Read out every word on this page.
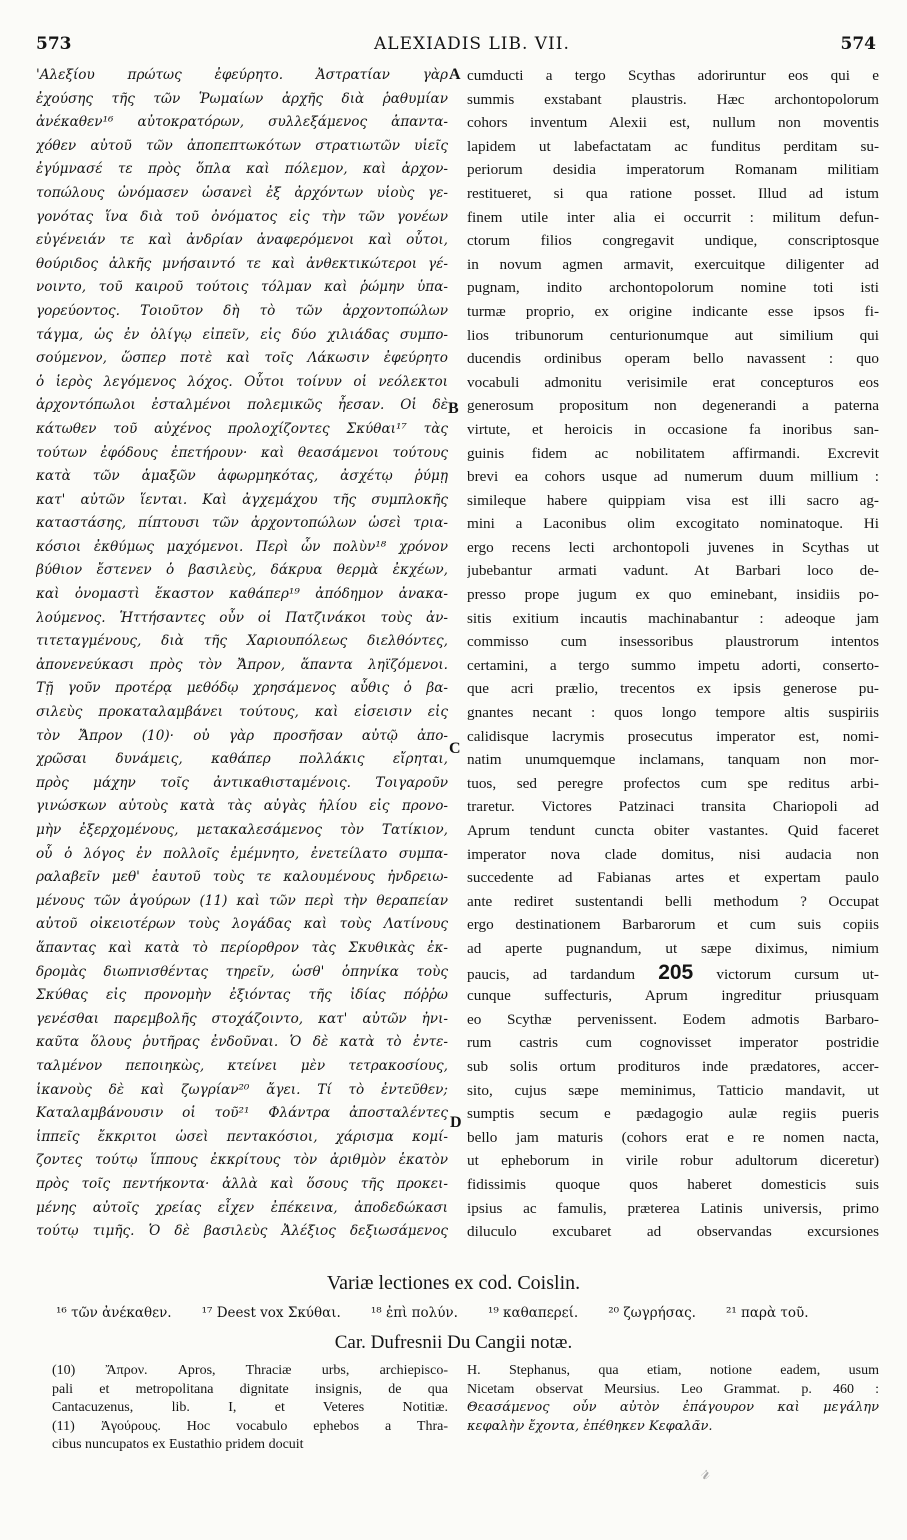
573	ALEXIADIS LIB. VII.	574
'Αλεξίου πρώτως ἐφεύρητο. Ἀστρατίαν γὰρ
ἐχούσης τῆς τῶν Ῥωμαίων ἀρχῆς διὰ ῥαθυμίαν
ἀνέκαθεν¹⁶ αὐτοκρατόρων, συλλεξάμενος ἁπαντα-
χόθεν αὐτοῦ τῶν ἀποπεπτωκότων στρατιωτῶν υἱεῖς
ἐγύμνασέ τε πρὸς ὅπλα καὶ πόλεμον, καὶ ἀρχον-
τοπώλους ὠνόμασεν ὡσανεὶ ἐξ ἀρχόντων υἱοὺς γε-
γονότας ἵνα διὰ τοῦ ὀνόματος εἰς τὴν τῶν γονέων
εὐγένειάν τε καὶ ἀνδρίαν ἀναφερόμενοι καὶ οὗτοι,
θούριδος ἀλκῆς μνήσαιντό τε καὶ ἀνθεκτικώτεροι γέ-
νοιντο, τοῦ καιροῦ τούτοις τόλμαν καὶ ῥώμην ὑπα-
γορεύοντος. Τοιοῦτον δὴ τὸ τῶν ἀρχοντοπώλων
τάγμα, ὡς ἐν ὀλίγῳ εἰπεῖν, εἰς δύο χιλιάδας συμπο-
σούμενον, ὥσπερ ποτὲ καὶ τοῖς Λάκωσιν ἐφεύρητο
ὁ ἱερὸς λεγόμενος λόχος. Οὗτοι τοίνυν οἱ νεόλεκτοι
ἀρχοντόπωλοι ἐσταλμένοι πολεμικῶς ἦεσαν. Οἱ δὲ
κάτωθεν τοῦ αὐχένος προλοχίζοντες Σκύθαι¹⁷ τὰς
τούτων ἐφόδους ἐπετήρουν· καὶ θεασάμενοι τούτους
κατὰ τῶν ἁμαξῶν ἀφωρμηκότας, ἀσχέτῳ ῥύμῃ
κατ' αὐτῶν ἵενται. Καὶ ἀγχεμάχου τῆς συμπλοκῆς
καταστάσης, πίπτουσι τῶν ἀρχοντοπώλων ὡσεὶ τρια-
κόσιοι ἐκθύμως μαχόμενοι. Περὶ ὧν πολὺν¹⁸ χρόνον
βύθιον ἔστενεν ὁ βασιλεὺς, δάκρυα θερμὰ ἐκχέων,
καὶ ὀνομαστὶ ἕκαστον καθάπερ¹⁹ ἀπόδημον ἀνακα-
λούμενος. Ἡττήσαντες οὖν οἱ Πατζινάκοι τοὺς ἀν-
τιτεταγμένους, διὰ τῆς Χαριουπόλεως διελθόντες,
ἀπονενεύκασι πρὸς τὸν Ἄπρον, ἅπαντα ληϊζόμενοι.
Τῇ γοῦν προτέρᾳ μεθόδῳ χρησάμενος αὖθις ὁ βα-
σιλεὺς προκαταλαμβάνει τούτους, καὶ εἰσεισιν εἰς
τὸν Ἄπρον (10)· οὐ γὰρ προσῆσαν αὐτῷ ἀπο-
χρῶσαι δυνάμεις, καθάπερ πολλάκις εἴρηται,
πρὸς μάχην τοῖς ἀντικαθισταμένοις. Τοιγαροῦν
γινώσκων αὐτοὺς κατὰ τὰς αὐγὰς ἡλίου εἰς προνο-
μὴν ἐξερχομένους, μετακαλεσάμενος τὸν Τατίκιον,
οὗ ὁ λόγος ἐν πολλοῖς ἐμέμνητο, ἐνετείλατο συμπα-
ραλαβεῖν μεθ' ἑαυτοῦ τοὺς τε καλουμένους ἠνδρειω-
μένους τῶν ἀγούρων (11) καὶ τῶν περὶ τὴν θεραπείαν
αὐτοῦ οἰκειοτέρων τοὺς λογάδας καὶ τοὺς Λατίνους
ἅπαντας καὶ κατὰ τὸ περίορθρον τὰς Σκυθικὰς ἐκ-
δρομὰς διωπνισθέντας τηρεῖν, ὡσθ' ὁπηνίκα τοὺς
Σκύθας εἰς προνομὴν ἐξιόντας τῆς ἰδίας πόῤῥω
γενέσθαι παρεμβολῆς στοχάζοιντο, κατ' αὐτῶν ἠνι-
καῦτα ὅλους ῥυτῆρας ἐνδοῦναι. Ὁ δὲ κατὰ τὸ ἐντε-
ταλμένον πεποιηκὼς, κτείνει μὲν τετρακοσίους,
ἱκανοὺς δὲ καὶ ζωγρίαν²⁰ ἄγει. Τί τὸ ἐντεῦθεν;
Καταλαμβάνουσιν οἱ τοῦ²¹ Φλάντρα ἀποσταλέντες
ἱππεῖς ἔκκριτοι ὡσεὶ πεντακόσιοι, χάρισμα κομί-
ζοντες τούτῳ ἵππους ἐκκρίτους τὸν ἀριθμὸν ἑκατὸν
πρὸς τοῖς πεντήκοντα· ἀλλὰ καὶ ὅσους τῆς προκει-
μένης αὐτοῖς χρείας εἶχεν ἐπέκεινα, ἀποδεδώκασι
τούτῳ τιμῆς. Ὁ δὲ βασιλεὺς Ἀλέξιος δεξιωσάμενος
cumducti a tergo Scythas adoriruntur eos qui e
summis exstabant plaustris. Hæc archontopolorum
cohors inventum Alexii est, nullum non moventis
lapidem ut labefactatam ac funditus perditam su-
periorum desidia imperatorum Romanam militiam
restitueret, si qua ratione posset. Illud ad istum
finem utile inter alia ei occurrit : militum defun-
ctorum filios congregavit undique, conscriptosque
in novum agmen armavit, exercuitque diligenter ad
pugnam, indito archontopolorum nomine toti isti
turmæ proprio, ex origine indicante esse ipsos fi-
lios tribunorum centurionumque aut similium qui
ducendis ordinibus operam bello navassent : quo
vocabuli admonitu verisimile erat concepturos eos
generosum propositum non degenerandi a paterna
virtute, et heroicis in occasione fa inoribus san-
guinis fidem ac nobilitatem affirmandi. Excrevit
brevi ea cohors usque ad numerum duum millium :
simileque habere quippiam visa est illi sacro ag-
mini a Laconibus olim excogitato nominatoque. Hi
ergo recens lecti archontopoli juvenes in Scythas ut
jubebantur armati vadunt. At Barbari loco de-
presso prope jugum ex quo eminebant, insidiis po-
sitis exitium incautis machinabantur : adeoque jam
commisso cum insessoribus plaustrorum intentos
certamini, a tergo summo impetu adorti, conserto-
que acri prælio, trecentos ex ipsis generose pu-
gnantes necant : quos longo tempore altis suspiriis
calidisque lacrymis prosecutus imperator est, nomi-
natim unumquemque inclamans, tanquam non mor-
tuos, sed peregre profectos cum spe reditus arbi-
traretur. Victores Patzinaci transita Chariopoli ad
Aprum tendunt cuncta obiter vastantes. Quid faceret
imperator nova clade domitus, nisi audacia non
succedente ad Fabianas artes et expertam paulo
ante rediret sustentandi belli methodum ? Occupat
ergo destinationem Barbarorum et cum suis copiis
ad aperte pugnandum, ut sæpe diximus, nimium
paucis, ad tardandum 205 victorum cursum ut-
cunque suffecturis, Aprum ingreditur priusquam
eo Scythæ pervenissent. Eodem admotis Barbaro-
rum castris cum cognovisset imperator postridie
sub solis ortum prodituros inde prædatores, accer-
sito, cujus sæpe meminimus, Tatticio mandavit, ut
sumptis secum e pædagogio aulæ regiis pueris
bello jam maturis (cohors erat e re nomen nacta,
ut epheborum in virile robur adultorum diceretur)
fidissimis quoque quos haberet domesticis suis
ipsius ac famulis, præterea Latinis universis, primo
diluculo excubaret ad observandas excursiones
A
B
C
D
Variæ lectiones ex cod. Coislin.
¹⁶ τῶν ἀνέκαθεν. ¹⁷ Deest vox Σκύθαι. ¹⁸ ἐπὶ πολύν. ¹⁹ καθαπερεί. ²⁰ ζωγρήσας. ²¹ παρὰ τοῦ.
Car. Dufresnii Du Cangii notæ.
(10) Ἄπρον. Apros, Thraciæ urbs, archiepisco-
pali et metropolitana dignitate insignis, de qua
Cantacuzenus, lib. I, et Veteres Notitiæ.
(11) Ἀγούρους. Hoc vocabulo ephebos a Thra-
cibus nuncupatos ex Eustathio pridem docuit
H. Stephanus, qua etiam, notione eadem, usum
Nicetam observat Meursius. Leo Grammat. p. 460 :
Θεασάμενος οὖν αὐτὸν ἐπάγουρον καὶ μεγάλην
κεφαλὴν ἔχοντα, ἐπέθηκεν Κεφαλᾶν.
𝓇
